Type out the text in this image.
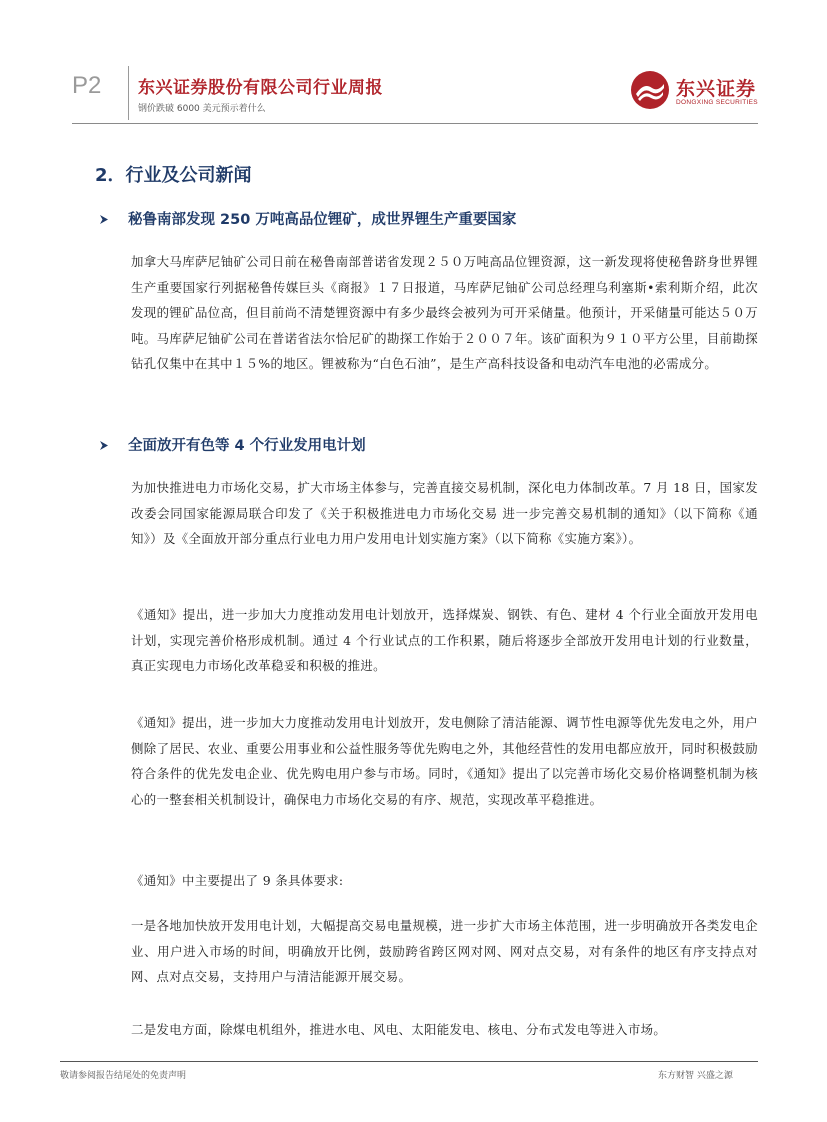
P2 东兴证券股份有限公司行业周报
钢价跌破 6000 美元预示着什么
东兴证券
DONGXING SECURITIES
2．行业及公司新闻
秘鲁南部发现 250 万吨高品位锂矿，成世界锂生产重要国家

加拿大马库萨尼铀矿公司日前在秘鲁南部普诺省发现２５０万吨高品位锂资源，这一新发现将使秘鲁跻身世界锂生产重要国家行列据秘鲁传媒巨头《商报》１７日报道，马库萨尼铀矿公司总经理乌利塞斯•索利斯介绍，此次发现的锂矿品位高，但目前尚不清楚锂资源中有多少最终会被列为可开采储量。他预计，开采储量可能达５０万吨。马库萨尼铀矿公司在普诺省法尔恰尼矿的勘探工作始于２００７年。该矿面积为９１０平方公里，目前勘探钻孔仅集中在其中１５%的地区。锂被称为“白色石油”，是生产高科技设备和电动汽车电池的必需成分。

全面放开有色等 4 个行业发用电计划

为加快推进电力市场化交易，扩大市场主体参与，完善直接交易机制，深化电力体制改革。7 月 18 日，国家发改委会同国家能源局联合印发了《关于积极推进电力市场化交易 进一步完善交易机制的通知》（以下简称《通知》）及《全面放开部分重点行业电力用户发用电计划实施方案》（以下简称《实施方案》）。

《通知》提出，进一步加大力度推动发用电计划放开，选择煤炭、钢铁、有色、建材 4 个行业全面放开发用电计划，实现完善价格形成机制。通过 4 个行业试点的工作积累，随后将逐步全部放开发用电计划的行业数量，真正实现电力市场化改革稳妥和积极的推进。

《通知》提出，进一步加大力度推动发用电计划放开，发电侧除了清洁能源、调节性电源等优先发电之外，用户侧除了居民、农业、重要公用事业和公益性服务等优先购电之外，其他经营性的发用电都应放开，同时积极鼓励符合条件的优先发电企业、优先购电用户参与市场。同时，《通知》提出了以完善市场化交易价格调整机制为核心的一整套相关机制设计，确保电力市场化交易的有序、规范，实现改革平稳推进。

《通知》中主要提出了 9 条具体要求:

一是各地加快放开发用电计划，大幅提高交易电量规模，进一步扩大市场主体范围，进一步明确放开各类发电企业、用户进入市场的时间，明确放开比例，鼓励跨省跨区网对网、网对点交易，对有条件的地区有序支持点对网、点对点交易，支持用户与清洁能源开展交易。

二是发电方面，除煤电机组外，推进水电、风电、太阳能发电、核电、分布式发电等进入市场。

敬请参阅报告结尾处的免责声明	东方财智 兴盛之源
